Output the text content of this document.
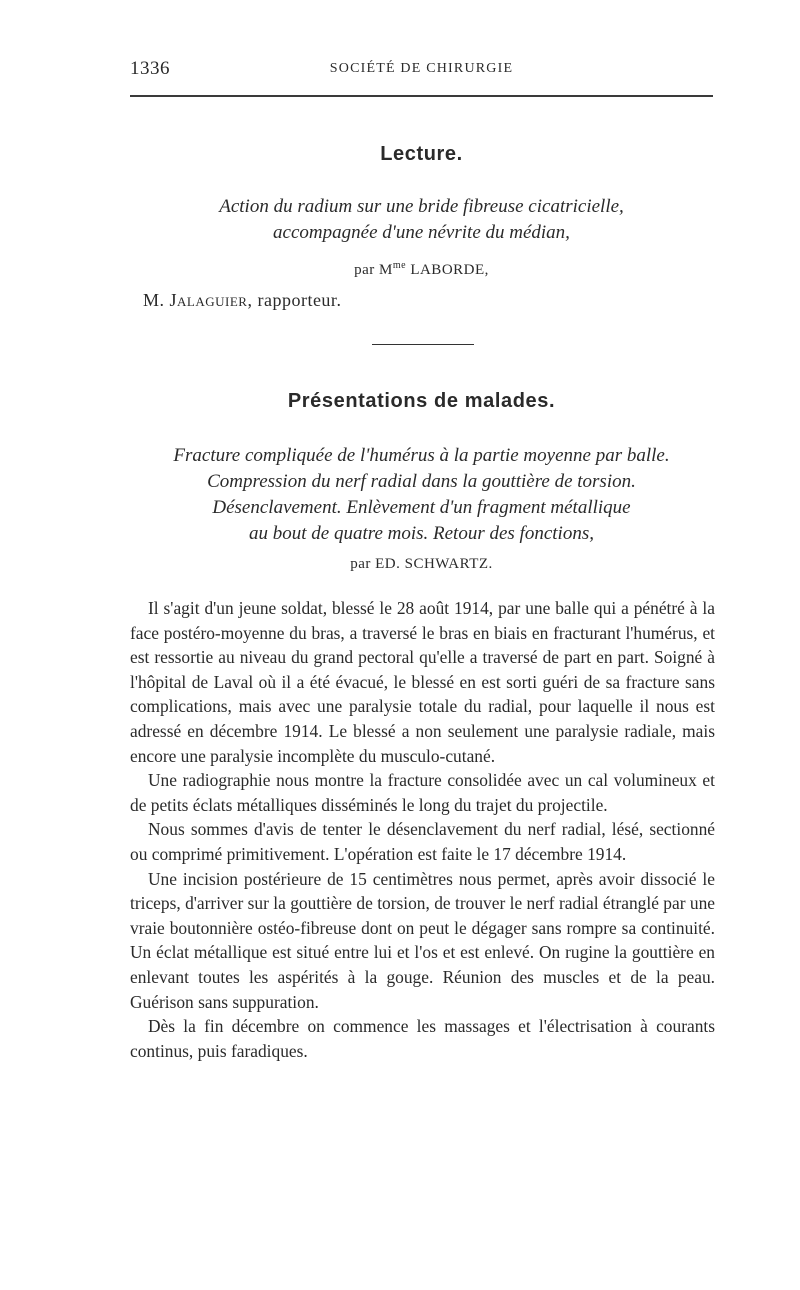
1336	SOCIÉTÉ DE CHIRURGIE
Lecture.
Action du radium sur une bride fibreuse cicatricielle,
accompagnée d'une névrite du médian,
par $M^{me}$ LABORDE,
M. Jalaguier, rapporteur.
Présentations de malades.
Fracture compliquée de l'humérus à la partie moyenne par balle.
Compression du nerf radial dans la gouttière de torsion.
Désenclavement. Enlèvement d'un fragment métallique
au bout de quatre mois. Retour des fonctions,
par ED. SCHWARTZ.

Il s'agit d'un jeune soldat, blessé le 28 août 1914, par une balle qui a pénétré à la face postéro-moyenne du bras, a traversé le bras en biais en fracturant l'humérus, et est ressortie au niveau du grand pectoral qu'elle a traversé de part en part. Soigné à l'hôpital de Laval où il a été évacué, le blessé en est sorti guéri de sa fracture sans complications, mais avec une paralysie totale du radial, pour laquelle il nous est adressé en décembre 1914. Le blessé a non seulement une paralysie radiale, mais encore une paralysie incomplète du musculo-cutané.

Une radiographie nous montre la fracture consolidée avec un cal volumineux et de petits éclats métalliques disséminés le long du trajet du projectile.

Nous sommes d'avis de tenter le désenclavement du nerf radial, lésé, sectionné ou comprimé primitivement. L'opération est faite le 17 décembre 1914.

Une incision postérieure de 15 centimètres nous permet, après avoir dissocié le triceps, d'arriver sur la gouttière de torsion, de trouver le nerf radial étranglé par une vraie boutonnière ostéo-fibreuse dont on peut le dégager sans rompre sa continuité. Un éclat métallique est situé entre lui et l'os et est enlevé. On rugine la gouttière en enlevant toutes les aspérités à la gouge. Réunion des muscles et de la peau. Guérison sans suppuration.

Dès la fin décembre on commence les massages et l'électrisation à courants continus, puis faradiques.
